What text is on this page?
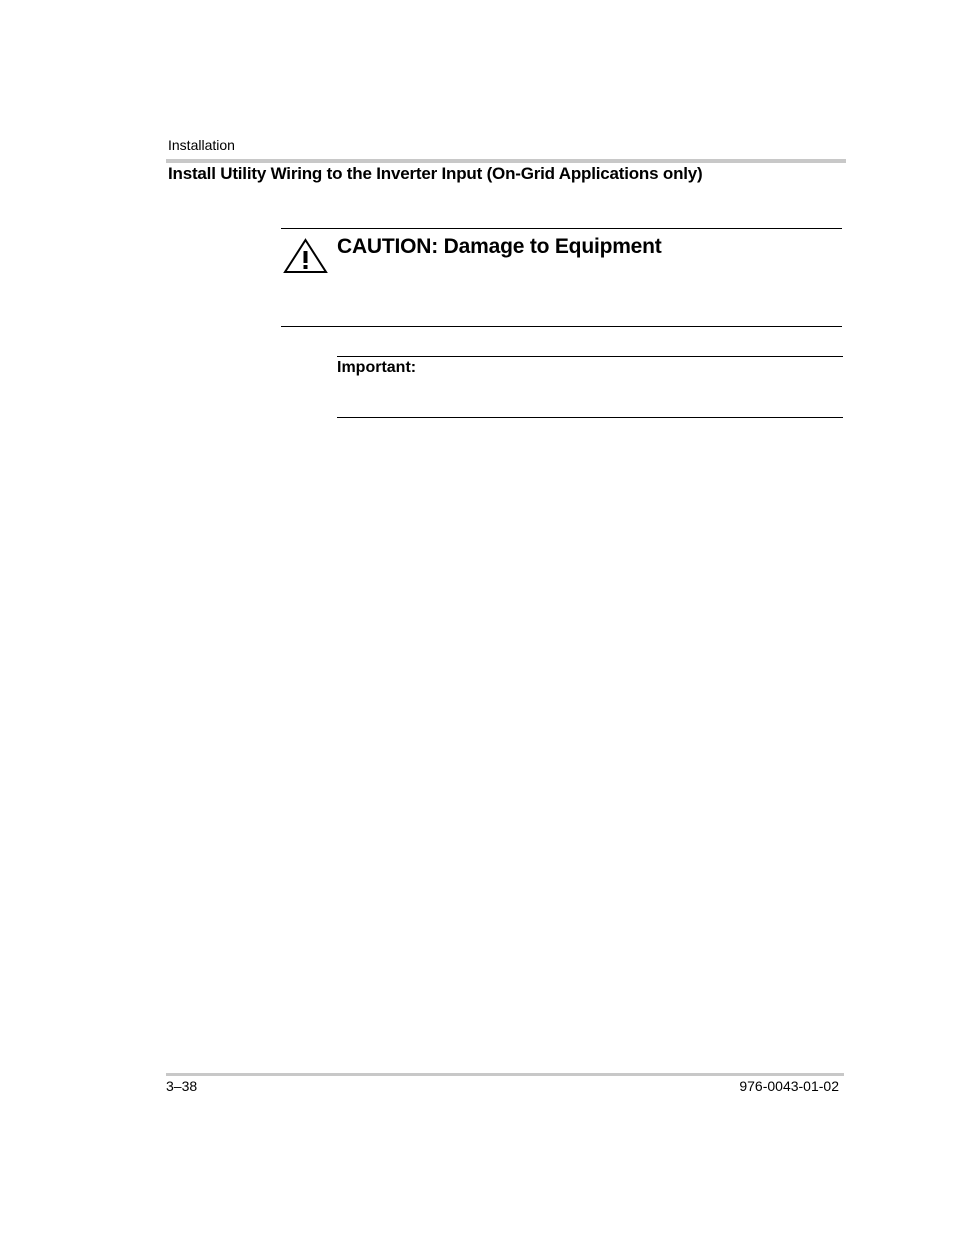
Installation
Install Utility Wiring to the Inverter Input (On-Grid Applications only)
CAUTION: Damage to Equipment
Important:
3–38	976-0043-01-02
